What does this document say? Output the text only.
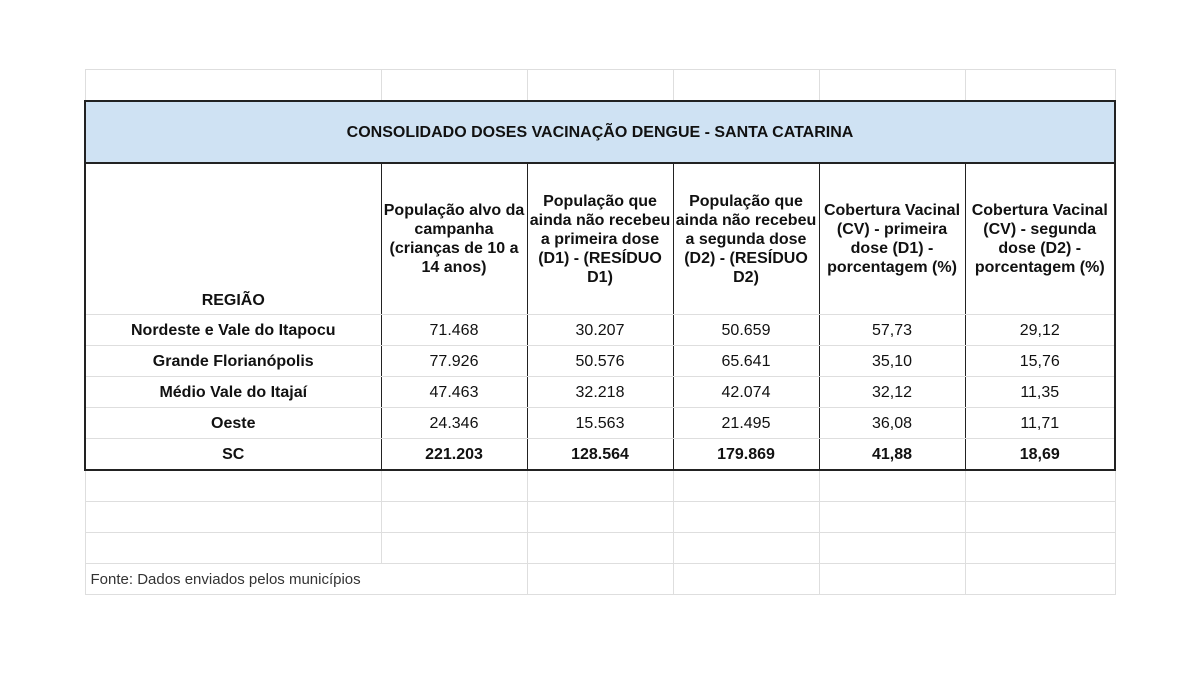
CONSOLIDADO DOSES VACINAÇÃO DENGUE - SANTA CATARINA					
REGIÃO	População alvo da campanha (crianças de 10 a 14 anos)	População que ainda não recebeu a primeira dose (D1) - (RESÍDUO D1)	População que ainda não recebeu a segunda dose (D2) - (RESÍDUO D2)	Cobertura Vacinal (CV) - primeira dose (D1) - porcentagem (%)	Cobertura Vacinal (CV) - segunda dose (D2) - porcentagem (%)
Nordeste e Vale do Itapocu	71.468	30.207	50.659	57,73	29,12
Grande Florianópolis	77.926	50.576	65.641	35,10	15,76
Médio Vale do Itajaí	47.463	32.218	42.074	32,12	11,35
Oeste	24.346	15.563	21.495	36,08	11,71
SC	221.203	128.564	179.869	41,88	18,69

Fonte: Dados enviados pelos municípios					
